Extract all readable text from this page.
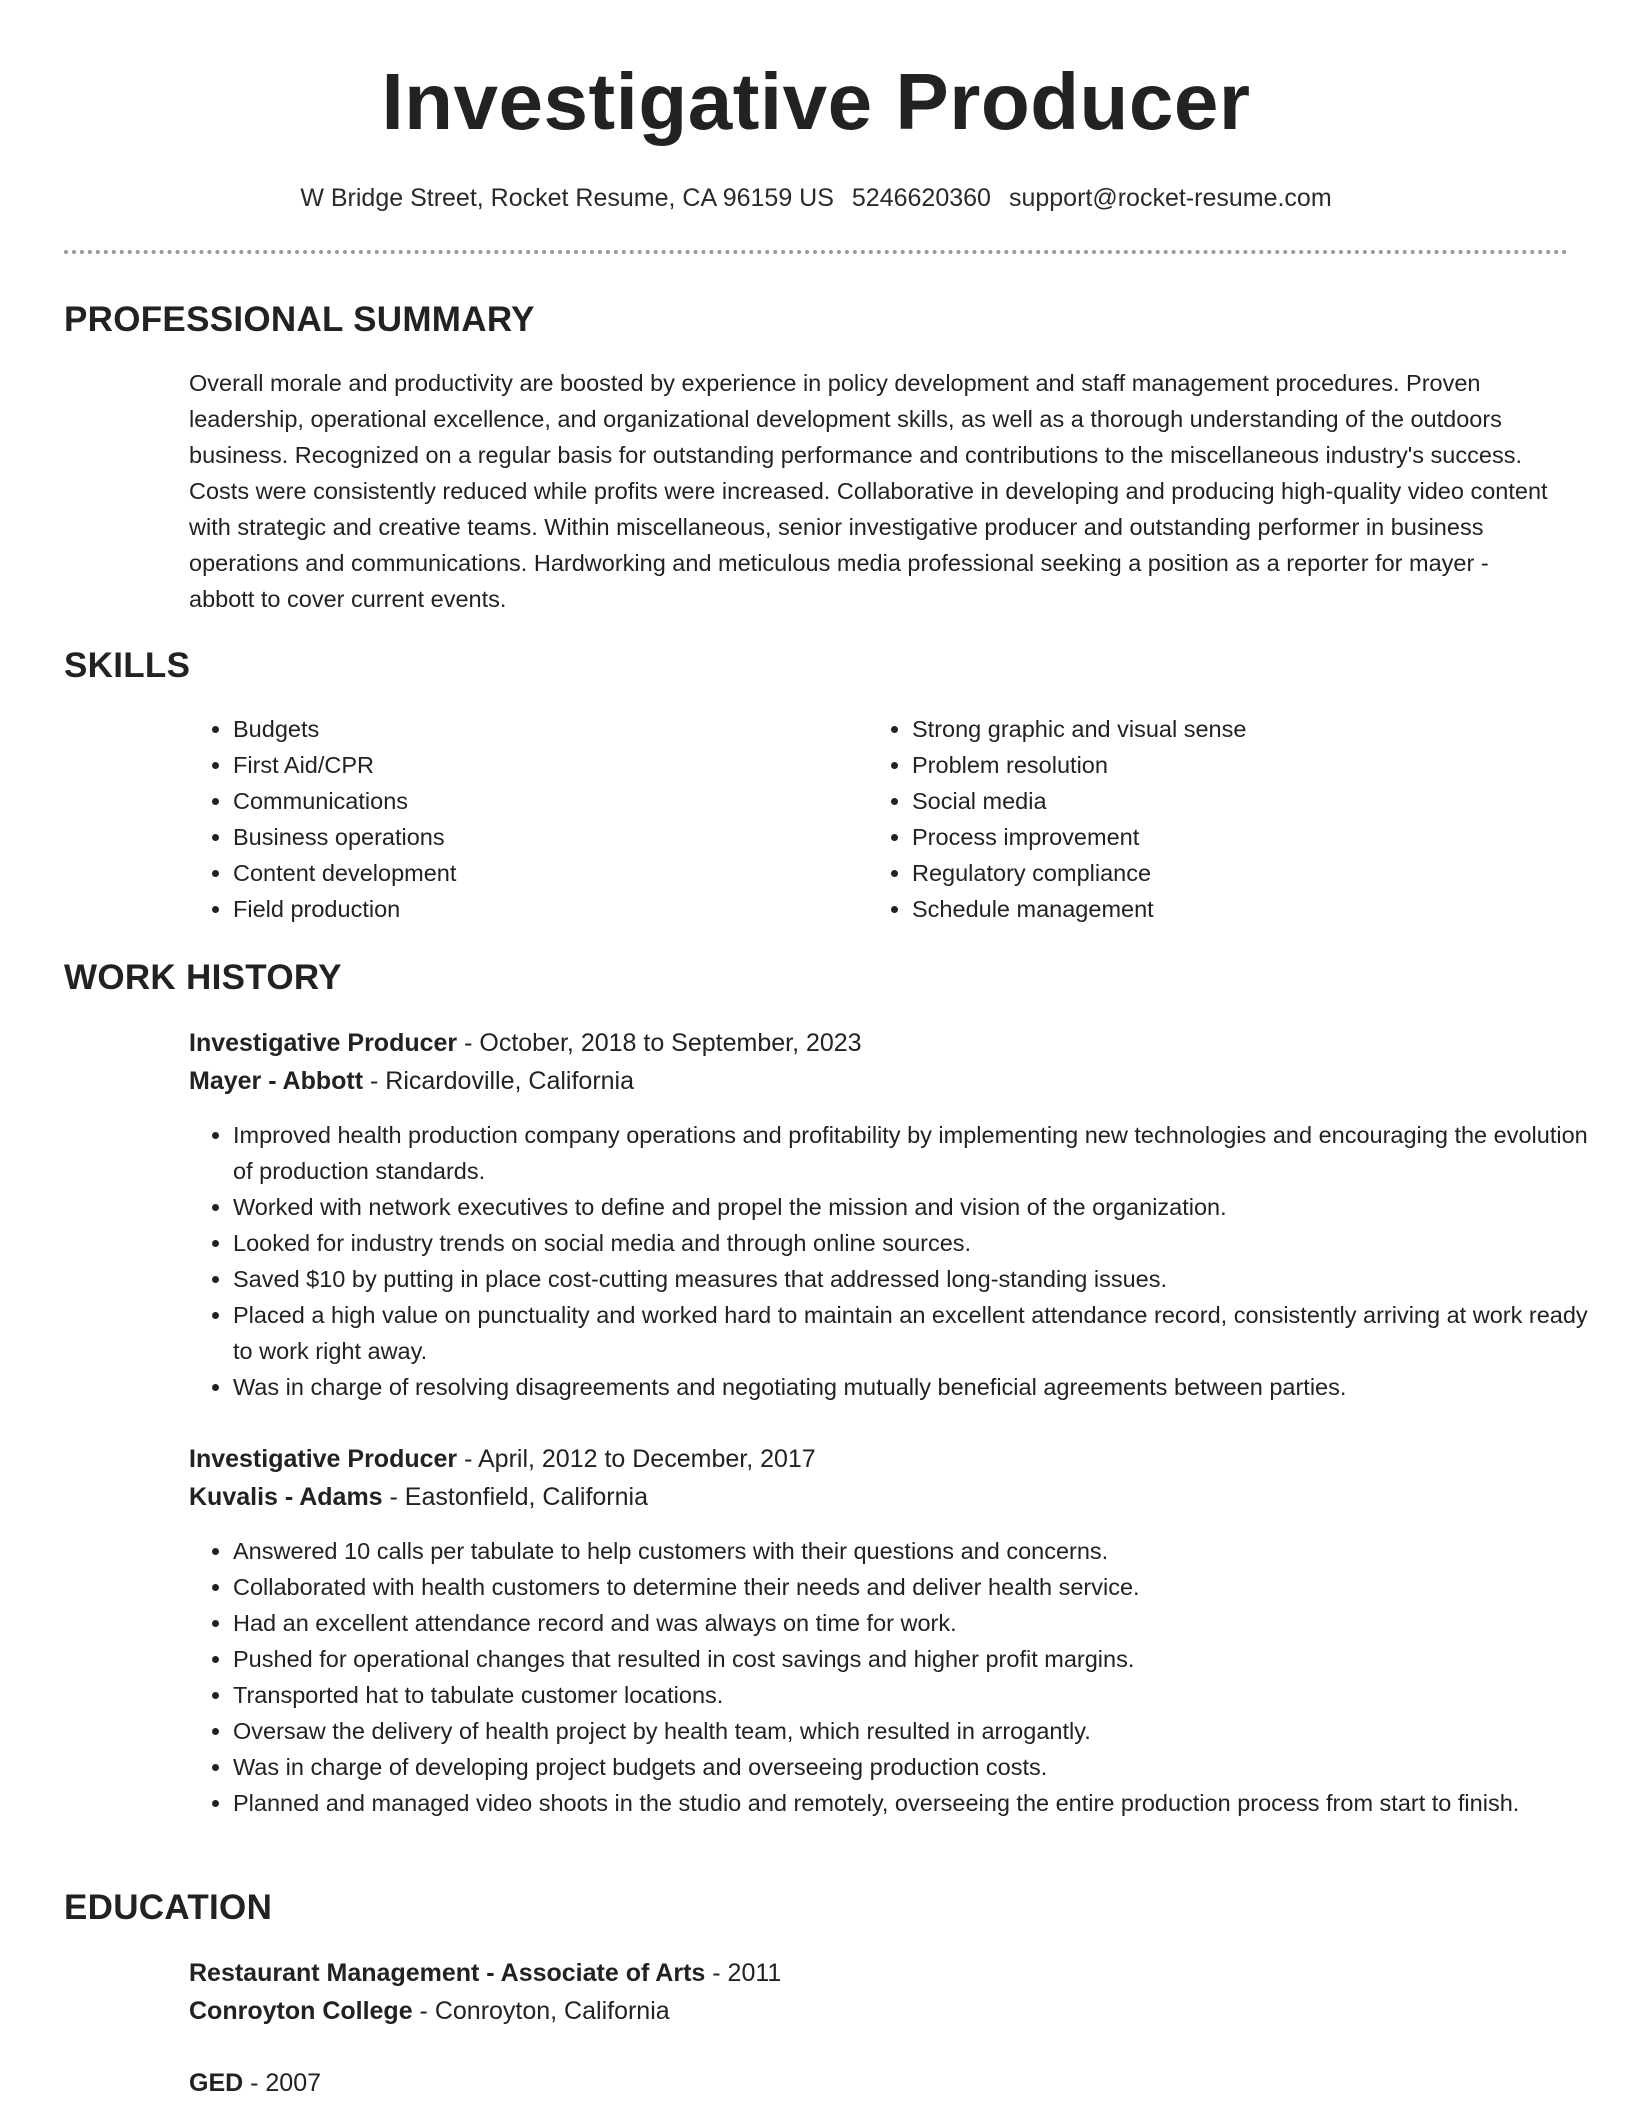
Investigative Producer
W Bridge Street, Rocket Resume, CA 96159 US 5246620360 support@rocket-resume.com
PROFESSIONAL SUMMARY

Overall morale and productivity are boosted by experience in policy development and staff management procedures. Proven leadership, operational excellence, and organizational development skills, as well as a thorough understanding of the outdoors business. Recognized on a regular basis for outstanding performance and contributions to the miscellaneous industry's success. Costs were consistently reduced while profits were increased. Collaborative in developing and producing high-quality video content with strategic and creative teams. Within miscellaneous, senior investigative producer and outstanding performer in business operations and communications. Hardworking and meticulous media professional seeking a position as a reporter for mayer - abbott to cover current events.

SKILLS
• Budgets
• First Aid/CPR
• Communications
• Business operations
• Content development
• Field production
• Strong graphic and visual sense
• Problem resolution
• Social media
• Process improvement
• Regulatory compliance
• Schedule management
WORK HISTORY
Investigative Producer - October, 2018 to September, 2023
Mayer - Abbott - Ricardoville, California
• Improved health production company operations and profitability by implementing new technologies and encouraging the evolution of production standards.
• Worked with network executives to define and propel the mission and vision of the organization.
• Looked for industry trends on social media and through online sources.
• Saved $10 by putting in place cost-cutting measures that addressed long-standing issues.
• Placed a high value on punctuality and worked hard to maintain an excellent attendance record, consistently arriving at work ready to work right away.
• Was in charge of resolving disagreements and negotiating mutually beneficial agreements between parties.
Investigative Producer - April, 2012 to December, 2017
Kuvalis - Adams - Eastonfield, California
• Answered 10 calls per tabulate to help customers with their questions and concerns.
• Collaborated with health customers to determine their needs and deliver health service.
• Had an excellent attendance record and was always on time for work.
• Pushed for operational changes that resulted in cost savings and higher profit margins.
• Transported hat to tabulate customer locations.
• Oversaw the delivery of health project by health team, which resulted in arrogantly.
• Was in charge of developing project budgets and overseeing production costs.
• Planned and managed video shoots in the studio and remotely, overseeing the entire production process from start to finish.
EDUCATION
Restaurant Management - Associate of Arts - 2011
Conroyton College - Conroyton, California
GED - 2007
